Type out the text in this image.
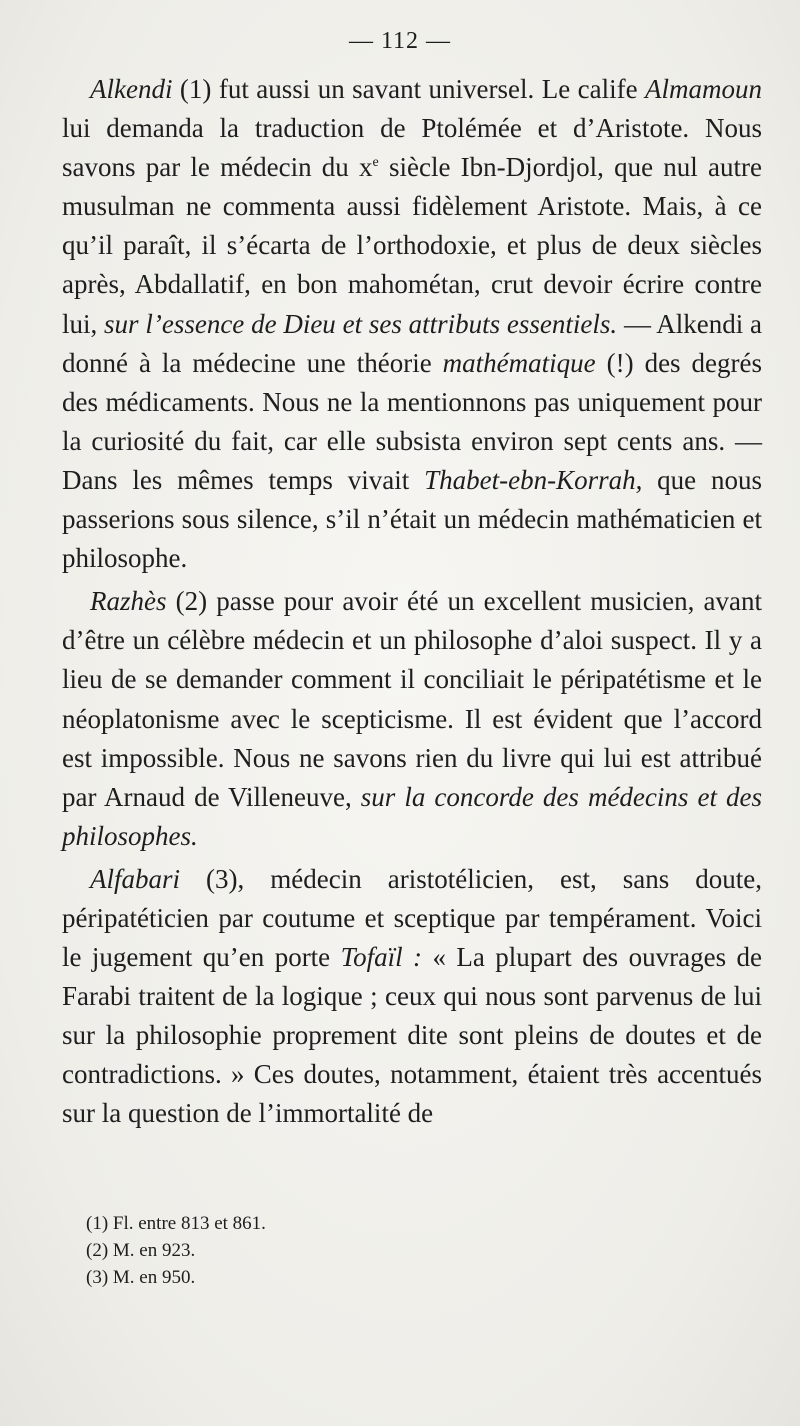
— 112 —

Alkendi (1) fut aussi un savant universel. Le calife Almamoun lui demanda la traduction de Ptolémée et d’Aristote. Nous savons par le médecin du $x^e$ siècle Ibn-Djordjol, que nul autre musulman ne commenta aussi fidèlement Aristote. Mais, à ce qu’il paraît, il s’écarta de l’orthodoxie, et plus de deux siècles après, Abdallatif, en bon mahométan, crut devoir écrire contre lui, sur l’essence de Dieu et ses attributs essentiels. — Alkendi a donné à la médecine une théorie mathématique (!) des degrés des médicaments. Nous ne la mentionnons pas uniquement pour la curiosité du fait, car elle subsista environ sept cents ans. — Dans les mêmes temps vivait Thabet-ebn-Korrah, que nous passerions sous silence, s’il n’était un médecin mathématicien et philosophe.

Razhès (2) passe pour avoir été un excellent musicien, avant d’être un célèbre médecin et un philosophe d’aloi suspect. Il y a lieu de se demander comment il conciliait le péripatétisme et le néoplatonisme avec le scepticisme. Il est évident que l’accord est impossible. Nous ne savons rien du livre qui lui est attribué par Arnaud de Villeneuve, sur la concorde des médecins et des philosophes.

Alfabari (3), médecin aristotélicien, est, sans doute, péripatéticien par coutume et sceptique par tempérament. Voici le jugement qu’en porte Tofaïl : « La plupart des ouvrages de Farabi traitent de la logique ; ceux qui nous sont parvenus de lui sur la philosophie proprement dite sont pleins de doutes et de contradictions. » Ces doutes, notamment, étaient très accentués sur la question de l’immortalité de

(1) Fl. entre 813 et 861.
(2) M. en 923.
(3) M. en 950.
